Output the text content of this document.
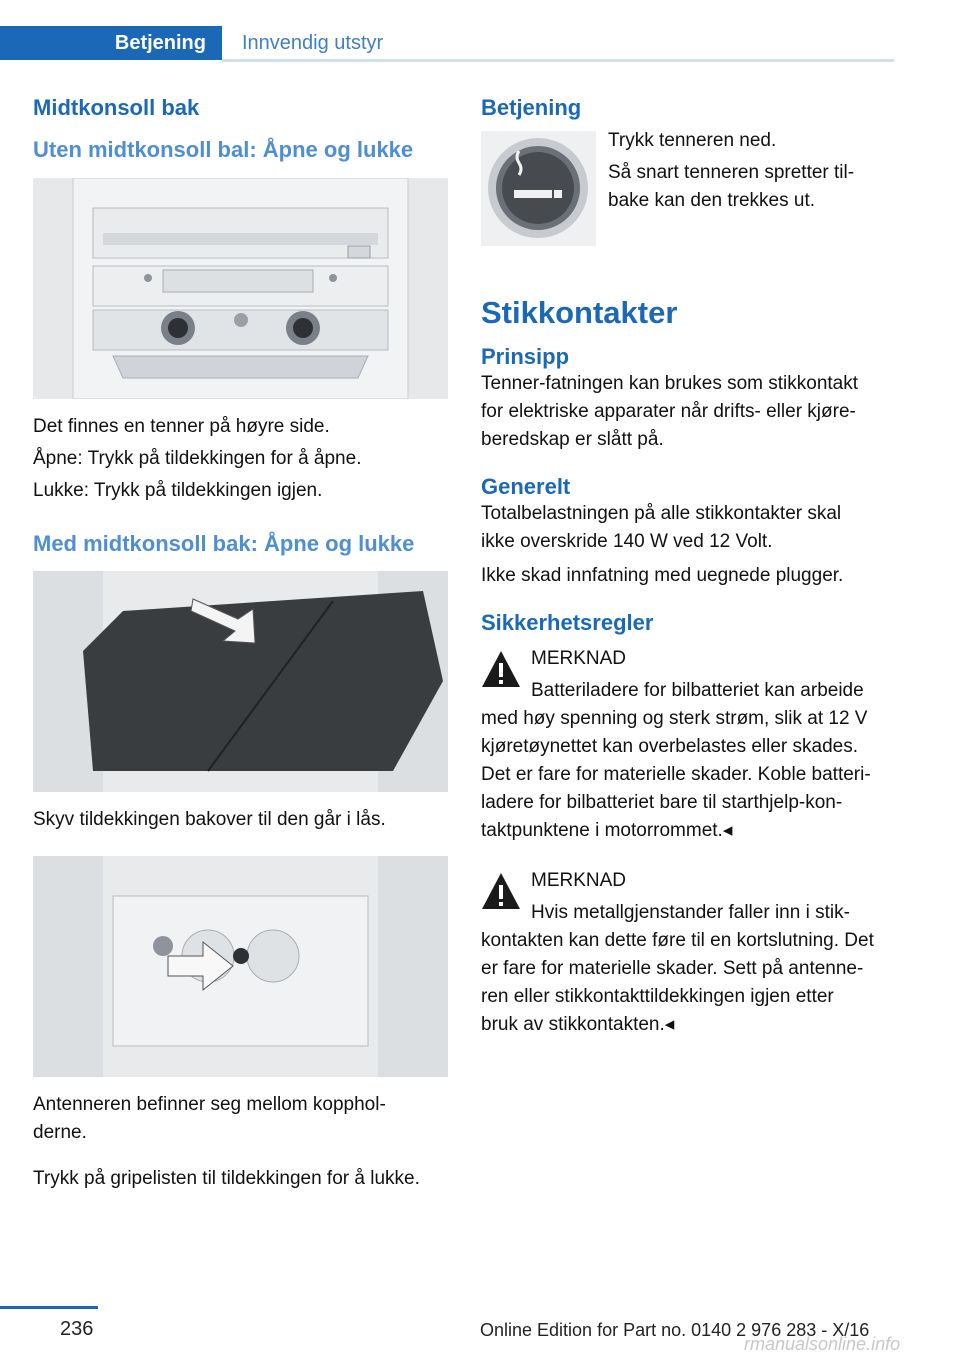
Betjening	Innvendig utstyr
Midtkonsoll bak
Uten midtkonsoll bal: Åpne og lukke

Det finnes en tenner på høyre side.

Åpne: Trykk på tildekkingen for å åpne.

Lukke: Trykk på tildekkingen igjen.

Med midtkonsoll bak: Åpne og lukke

Skyv tildekkingen bakover til den går i lås.

Antenneren befinner seg mellom kopphol-

derne.

Trykk på gripelisten til tildekkingen for å lukke.

Betjening

Trykk tenneren ned.

Så snart tenneren spretter til-

bake kan den trekkes ut.

Stikkontakter
Prinsipp

Tenner-fatningen kan brukes som stikkontakt

for elektriske apparater når drifts- eller kjøre-

beredskap er slått på.

Generelt

Totalbelastningen på alle stikkontakter skal

ikke overskride 140 W ved 12 Volt.

Ikke skad innfatning med uegnede plugger.

Sikkerhetsregler

MERKNAD

Batteriladere for bilbatteriet kan arbeide

med høy spenning og sterk strøm, slik at 12 V

kjøretøynettet kan overbelastes eller skades.

Det er fare for materielle skader. Koble batteri-

ladere for bilbatteriet bare til starthjelp-kon-

taktpunktene i motorrommet.◂

MERKNAD

Hvis metallgjenstander faller inn i stik-

kontakten kan dette føre til en kortslutning. Det

er fare for materielle skader. Sett på antenne-

ren eller stikkontakttildekkingen igjen etter

bruk av stikkontakten.◂

236	Online Edition for Part no. 0140 2 976 283 - X/16
rmanualsonline.info
